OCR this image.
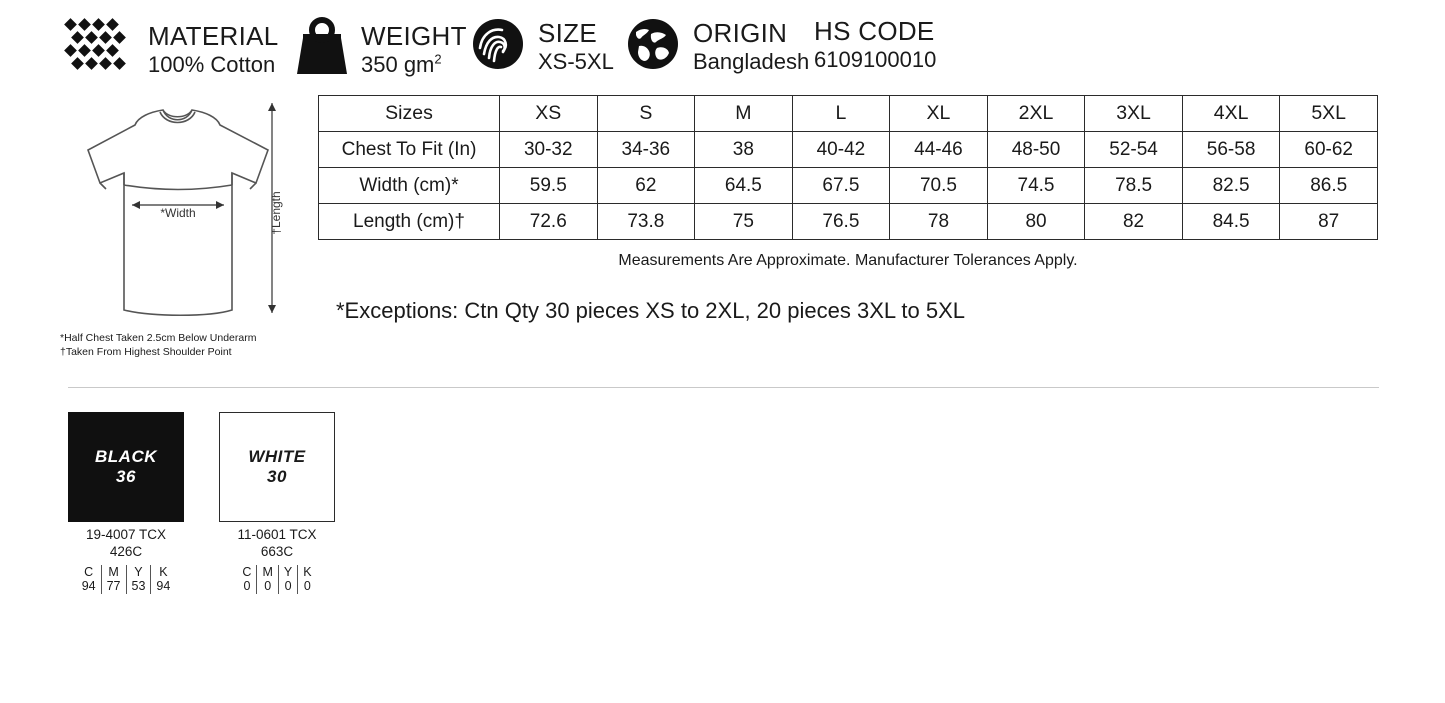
MATERIAL
100% Cotton
WEIGHT
350 $gm^2$
SIZE
XS-5XL
ORIGIN
Bangladesh
HS CODE
6109100010
*Width	†Length
*Half Chest Taken 2.5cm Below Underarm
†Taken From Highest Shoulder Point
Sizes	XS	S	M	L	XL	2XL	3XL	4XL	5XL
Chest To Fit (In)	30-32	34-36	38	40-42	44-46	48-50	52-54	56-58	60-62
Width (cm)*	59.5	62	64.5	67.5	70.5	74.5	78.5	82.5	86.5
Length (cm)†	72.6	73.8	75	76.5	78	80	82	84.5	87
Measurements Are Approximate. Manufacturer Tolerances Apply.
*Exceptions: Ctn Qty 30 pieces XS to 2XL, 20 pieces 3XL to 5XL
BLACK
36
19-4007 TCX
426C
C
94
M
77
Y
53
K
94
WHITE
30
11-0601 TCX
663C
C
0
M
0
Y
0
K
0
